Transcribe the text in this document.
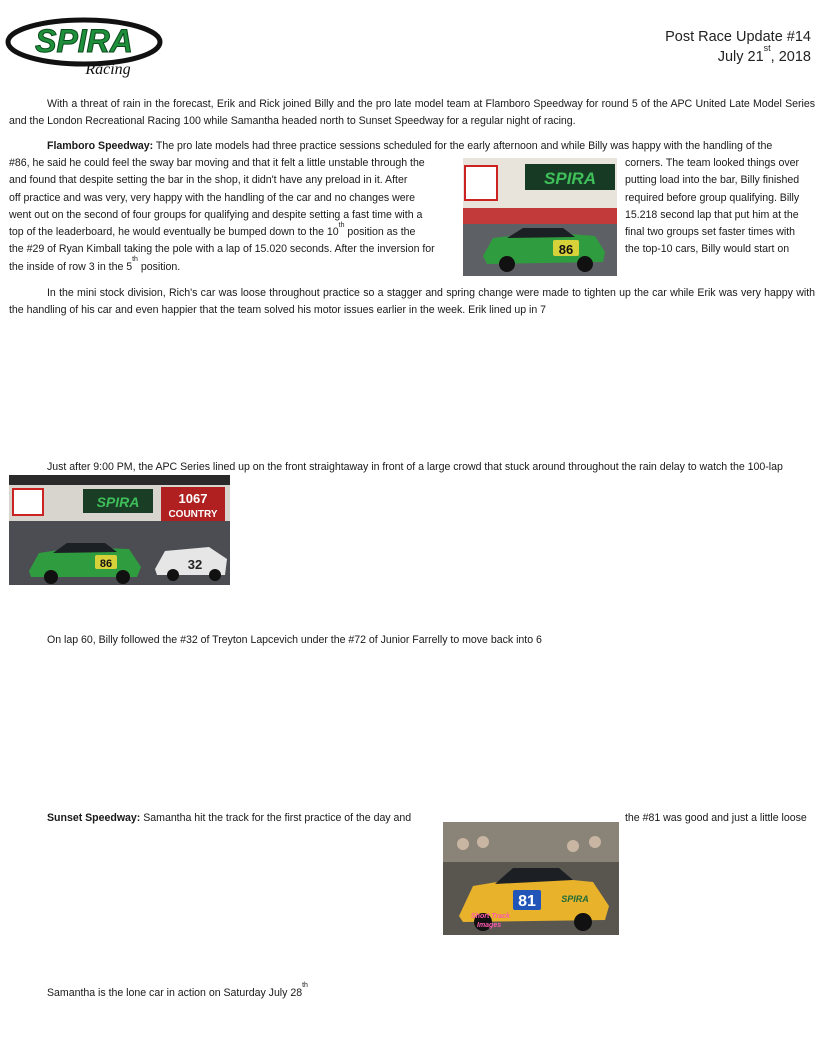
SPIRA
Racing
Post Race Update #14
July 21st, 2018

With a threat of rain in the forecast, Erik and Rick joined Billy and the pro late model team at Flamboro Speedway for round 5 of the APC United Late Model Series and the London Recreational Racing 100 while Samantha headed north to Sunset Speedway for a regular night of racing.

Flamboro Speedway: The pro late models had three practice sessions scheduled for the early afternoon and while Billy was happy with the handling of the

#86, he said he could feel the sway bar moving and that it felt a little unstable through the
and found that despite setting the bar in the shop, it didn't have any preload in it. After
off practice and was very, very happy with the handling of the car and no changes were
went out on the second of four groups for qualifying and despite setting a fast time with a
top of the leaderboard, he would eventually be bumped down to the 10th position as the
the #29 of Ryan Kimball taking the pole with a lap of 15.020 seconds. After the inversion for
the inside of row 3 in the 5th position.
SPIRA
86
corners. The team looked things over
putting load into the bar, Billy finished
required before group qualifying. Billy
15.218 second lap that put him at the
final two groups set faster times with
the top-10 cars, Billy would start on

In the mini stock division, Rich's car was loose throughout practice so a stagger and spring change were made to tighten up the car while Erik was very happy with the handling of his car and even happier that the team solved his motor issues earlier in the week. Erik lined up in 7

Just after 9:00 PM, the APC Series lined up on the front straightaway in front of a large crowd that stuck around throughout the rain delay to watch the 100-lap

SPIRA	1067
COUNTRY
86	32

On lap 60, Billy followed the #32 of Treyton Lapcevich under the #72 of Junior Farrelly to move back into 6

Sunset Speedway: Samantha hit the track for the first practice of the day and

81	SPIRA
Short Track
Images
the #81 was good and just a little loose

Samantha is the lone car in action on Saturday July 28th
